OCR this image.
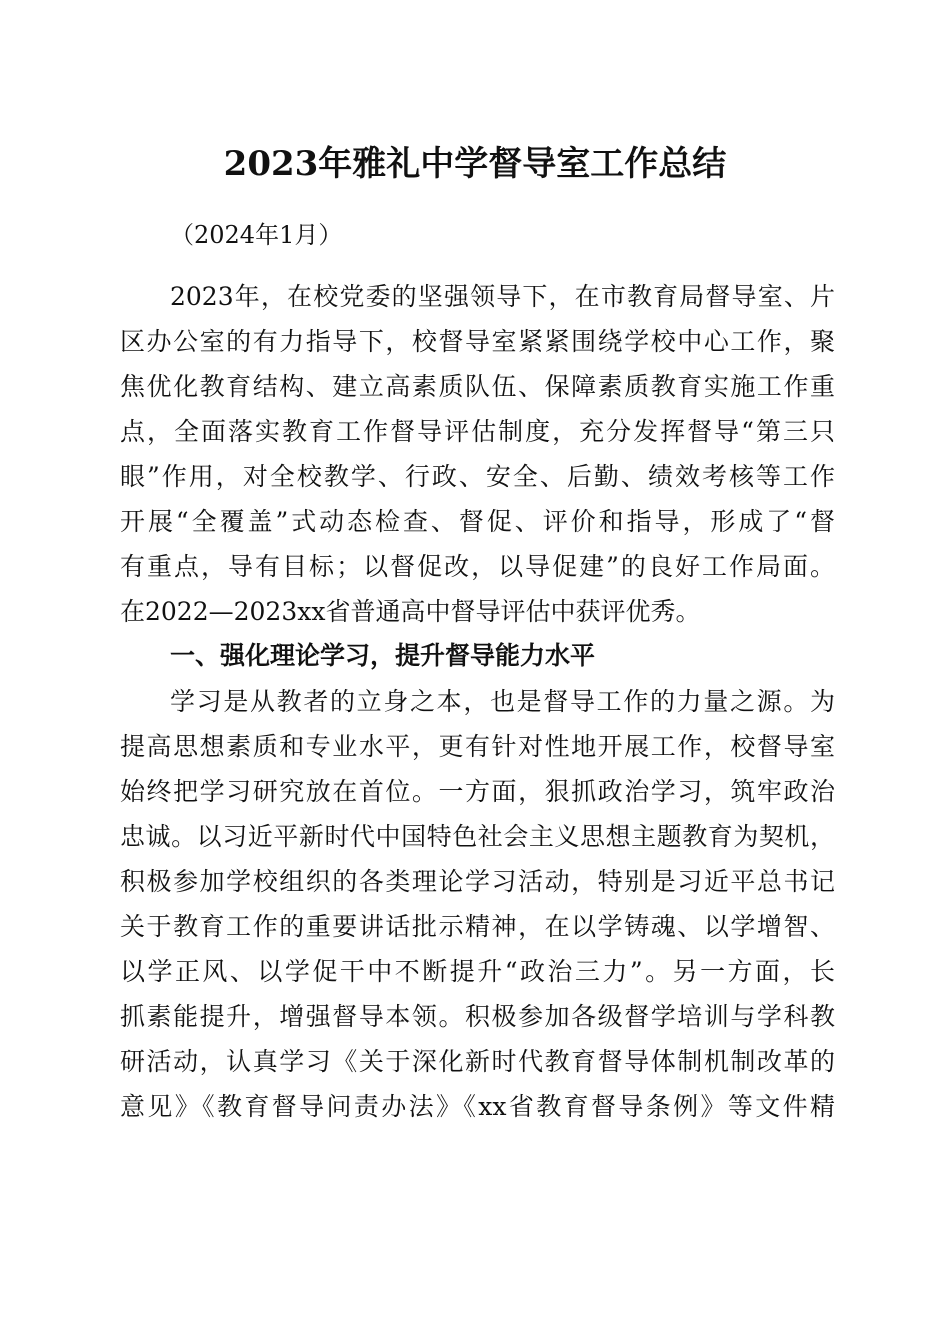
2023年雅礼中学督导室工作总结
（2024年1月）
2023年，在校党委的坚强领导下，在市教育局督导室、片
区办公室的有力指导下，校督导室紧紧围绕学校中心工作，聚
焦优化教育结构、建立高素质队伍、保障素质教育实施工作重
点，全面落实教育工作督导评估制度，充分发挥督导“第三只
眼”作用，对全校教学、行政、安全、后勤、绩效考核等工作
开展“全覆盖”式动态检查、督促、评价和指导，形成了“督
有重点，导有目标；以督促改，以导促建”的良好工作局面。
在2022—2023xx省普通高中督导评估中获评优秀。
一、强化理论学习，提升督导能力水平
学习是从教者的立身之本，也是督导工作的力量之源。为
提高思想素质和专业水平，更有针对性地开展工作，校督导室
始终把学习研究放在首位。一方面，狠抓政治学习，筑牢政治
忠诚。以习近平新时代中国特色社会主义思想主题教育为契机，
积极参加学校组织的各类理论学习活动，特别是习近平总书记
关于教育工作的重要讲话批示精神，在以学铸魂、以学增智、
以学正风、以学促干中不断提升“政治三力”。另一方面，长
抓素能提升，增强督导本领。积极参加各级督学培训与学科教
研活动，认真学习《关于深化新时代教育督导体制机制改革的
意见》《教育督导问责办法》《xx省教育督导条例》等文件精
